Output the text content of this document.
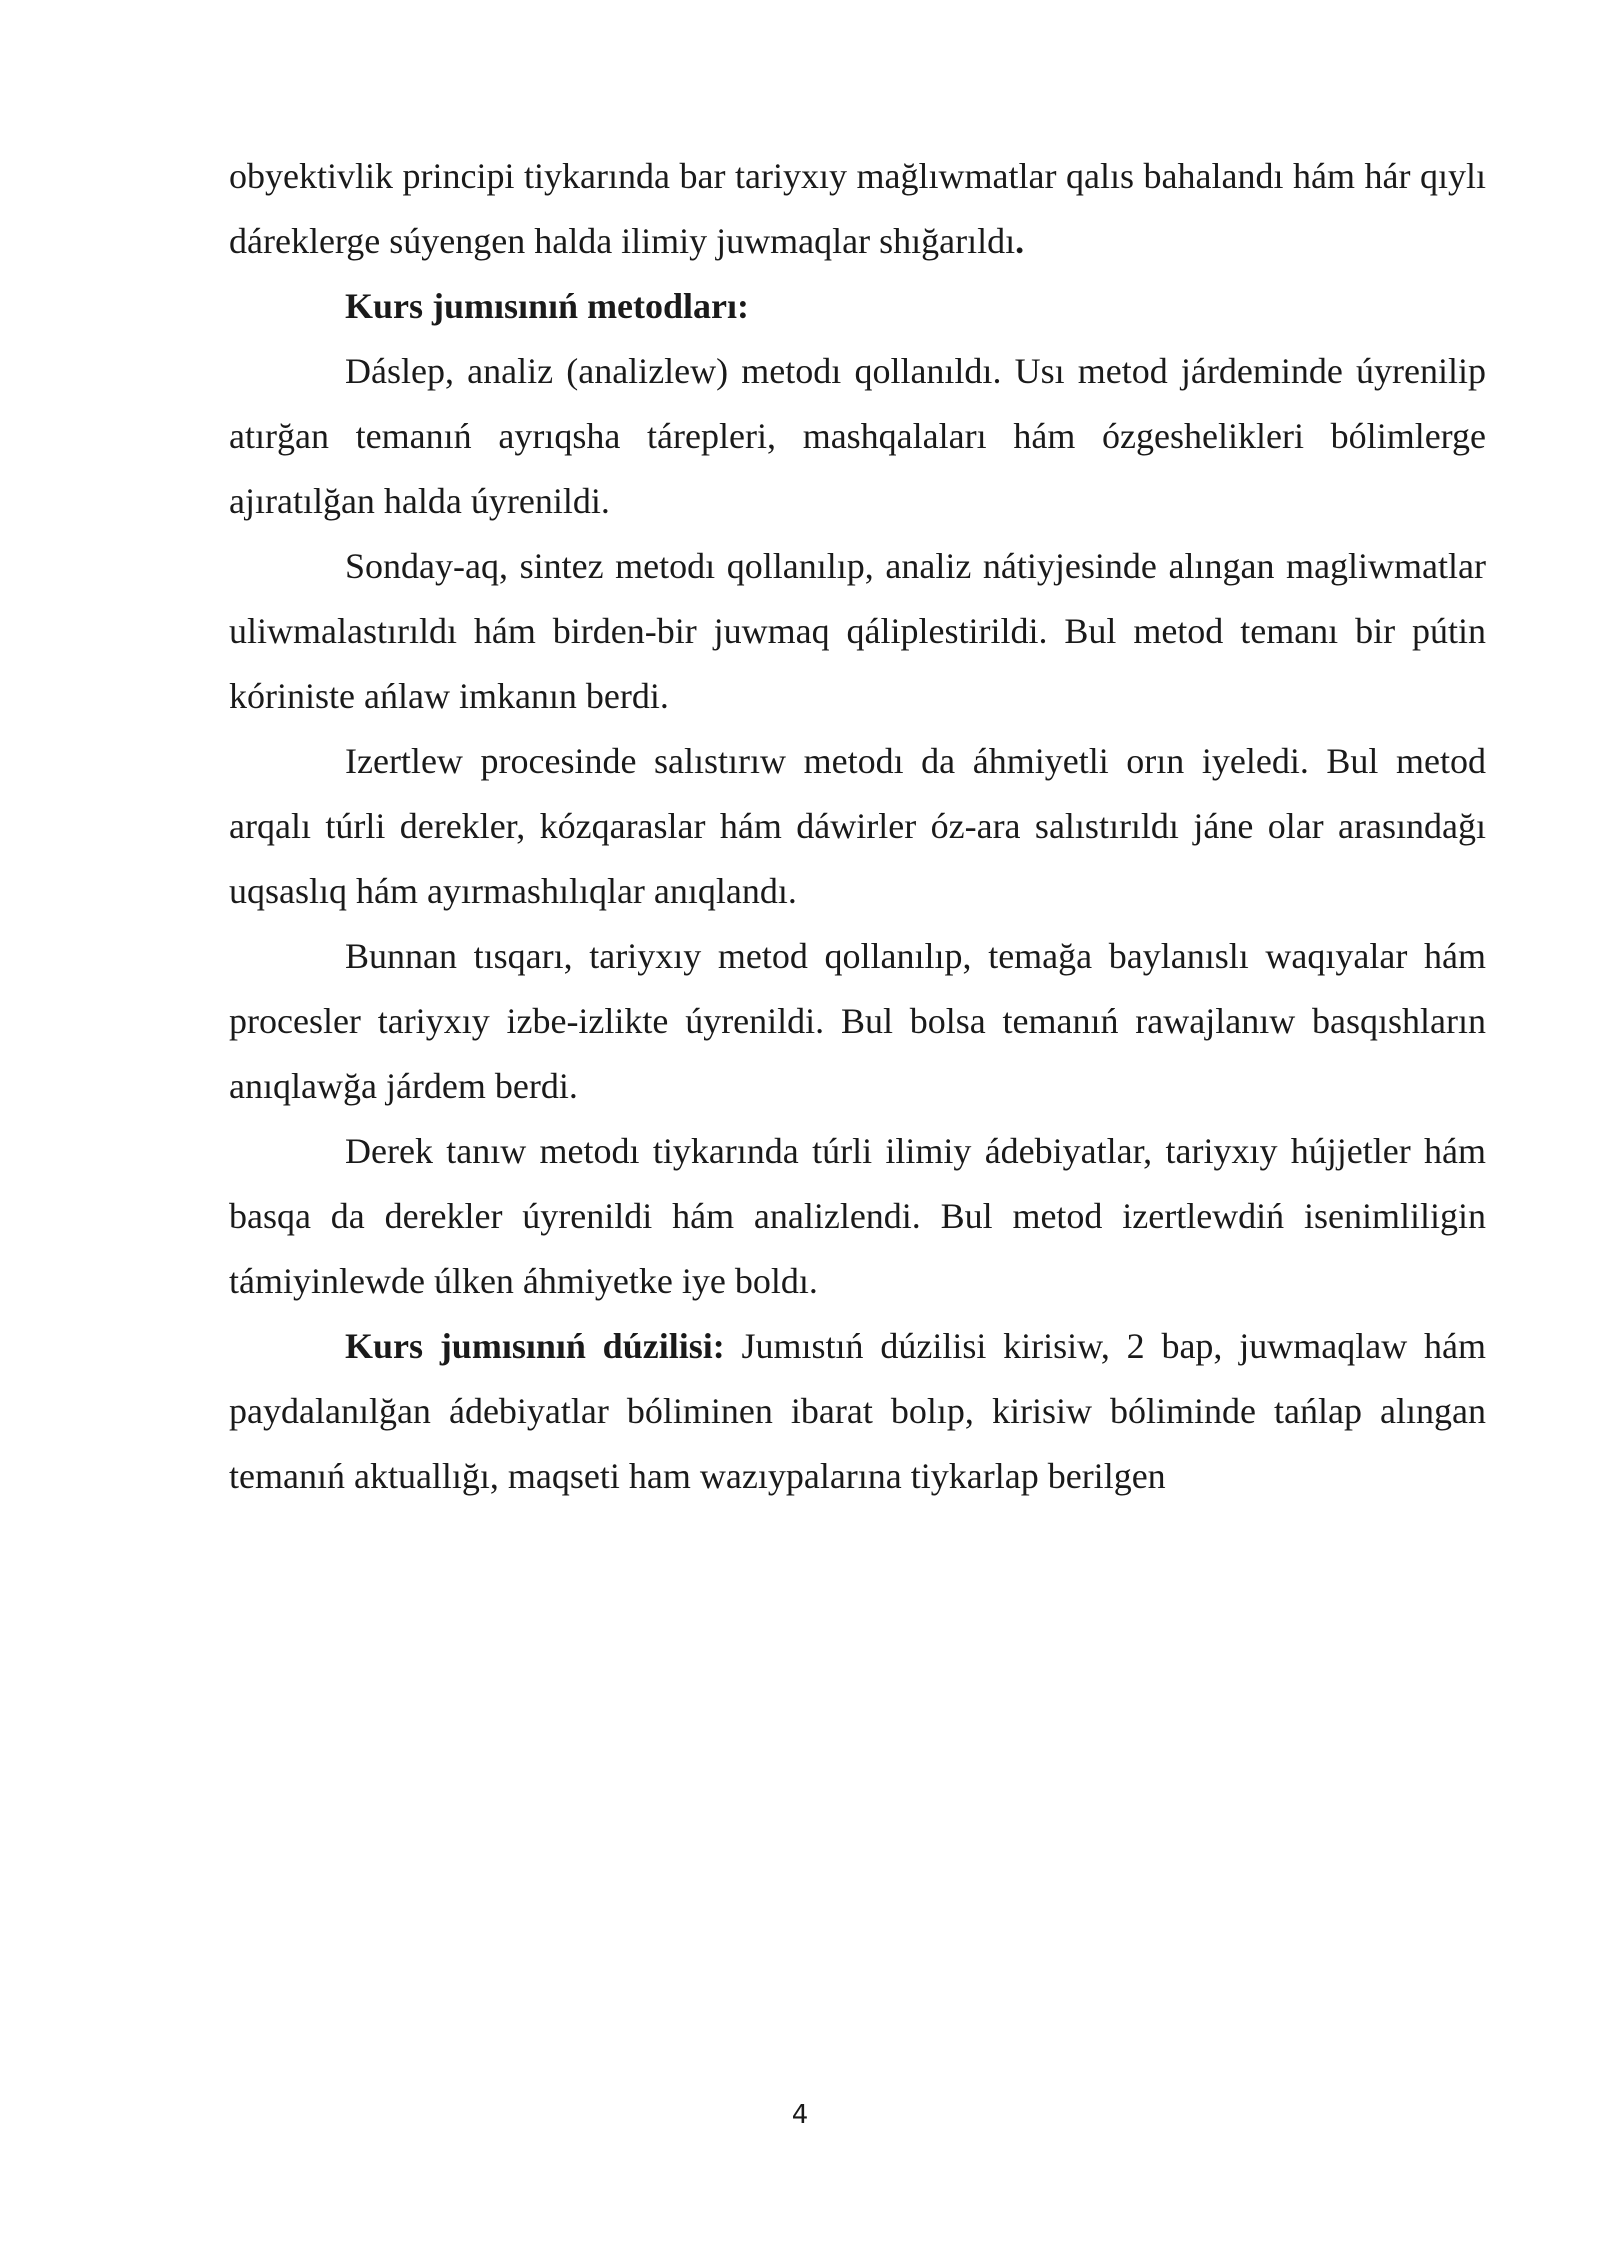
obyektivlik principi tiykarında bar tariyxıy mağlıwmatlar qalıs bahalandı hám hár qıylı dáreklerge súyengen halda ilimiy juwmaqlar shığarıldı.

Kurs jumısınıń metodları:

Dáslep, analiz (analizlew) metodı qollanıldı. Usı metod járdeminde úyrenilip atırğan temanıń ayrıqsha tárepleri, mashqalaları hám ózgeshelikleri bólimlerge ajıratılğan halda úyrenildi.

Sonday-aq, sintez metodı qollanılıp, analiz nátiyjesinde alıngan magliwmatlar uliwmalastırıldı hám birden-bir juwmaq qáliplestirildi. Bul metod temanı bir pútin kóriniste ańlaw imkanın berdi.

Izertlew procesinde salıstırıw metodı da áhmiyetli orın iyeledi. Bul metod arqalı túrli derekler, kózqaraslar hám dáwirler óz-ara salıstırıldı jáne olar arasındağı uqsaslıq hám ayırmashılıqlar anıqlandı.

Bunnan tısqarı, tariyxıy metod qollanılıp, temağa baylanıslı waqıyalar hám procesler tariyxıy izbe-izlikte úyrenildi. Bul bolsa temanıń rawajlanıw basqıshların anıqlawğa járdem berdi.

Derek tanıw metodı tiykarında túrli ilimiy ádebiyatlar, tariyxıy hújjetler hám basqa da derekler úyrenildi hám analizlendi. Bul metod izertlewdiń isenimliligin támiyinlewde úlken áhmiyetke iye boldı.

Kurs jumısınıń dúzilisi: Jumıstıń dúzilisi kirisiw, 2 bap, juwmaqlaw hám paydalanılğan ádebiyatlar bóliminen ibarat bolıp, kirisiw bóliminde tańlap alıngan temanıń aktuallığı, maqseti ham wazıypalarına tiykarlap berilgen

4
